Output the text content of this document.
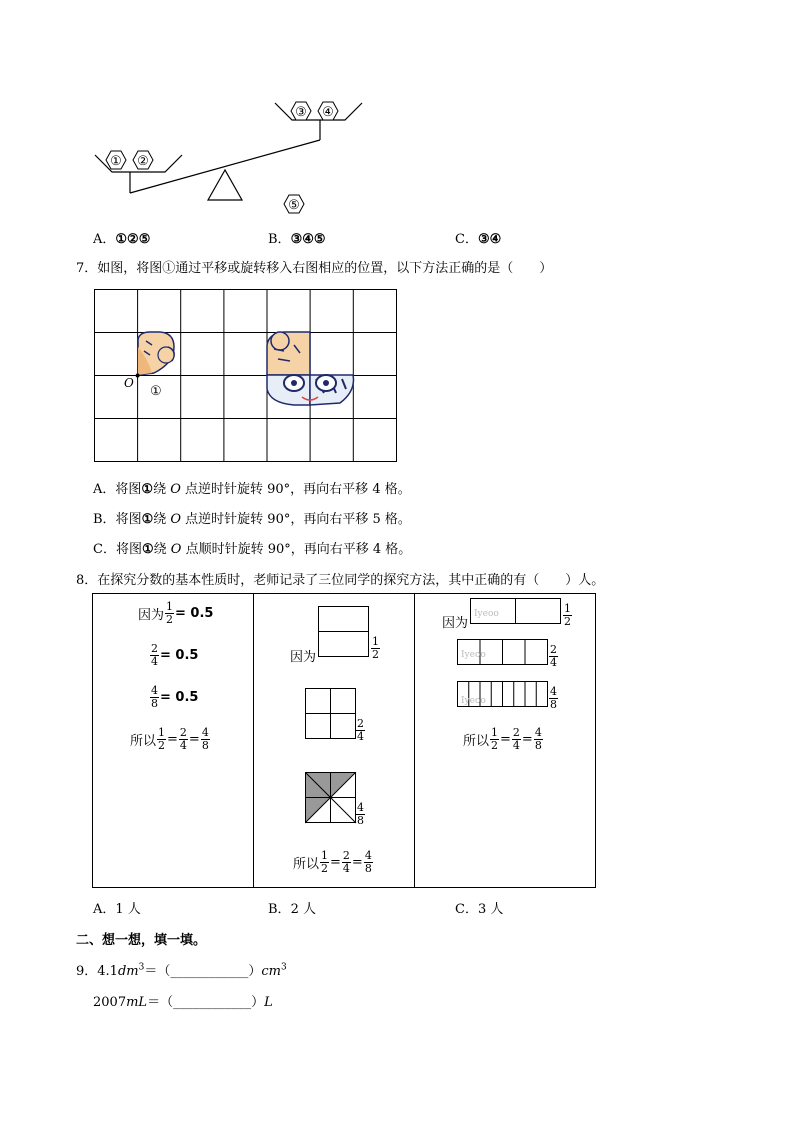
① ②
③ ④
⑤
A．①②⑤	B．③④⑤	C．③④
7．如图，将图①通过平移或旋转移入右图相应的位置，以下方法正确的是（　　）
O
①
A．将图①绕 O 点逆时针旋转 90°，再向右平移 4 格。
B．将图①绕 O 点逆时针旋转 90°，再向右平移 5 格。
C．将图①绕 O 点顺时针旋转 90°，再向右平移 4 格。
8．在探究分数的基本性质时，老师记录了三位同学的探究方法，其中正确的有（　　）人。
因为 $\frac{1}{2} = 0.5$
$\frac{2}{4} = 0.5$
$\frac{4}{8} = 0.5$
所以 $\frac{1}{2} = \frac{2}{4} = \frac{4}{8}$
因为	$\frac{1}{2}$
$\frac{2}{4}$
$\frac{4}{8}$
所以 $\frac{1}{2} = \frac{2}{4} = \frac{4}{8}$
因为
Iyeoo	$\frac{1}{2}$
Iyeoo	$\frac{2}{4}$
Iyeoo	$\frac{4}{8}$
所以 $\frac{1}{2} = \frac{2}{4} = \frac{4}{8}$
A．1 人	B．2 人	C．3 人
二、想一想，填一填。
9．$4.1dm^3=(\_\_\_\_\_\_\_\_\_\_\_\_)cm^3$
2007mL＝（____________）L
